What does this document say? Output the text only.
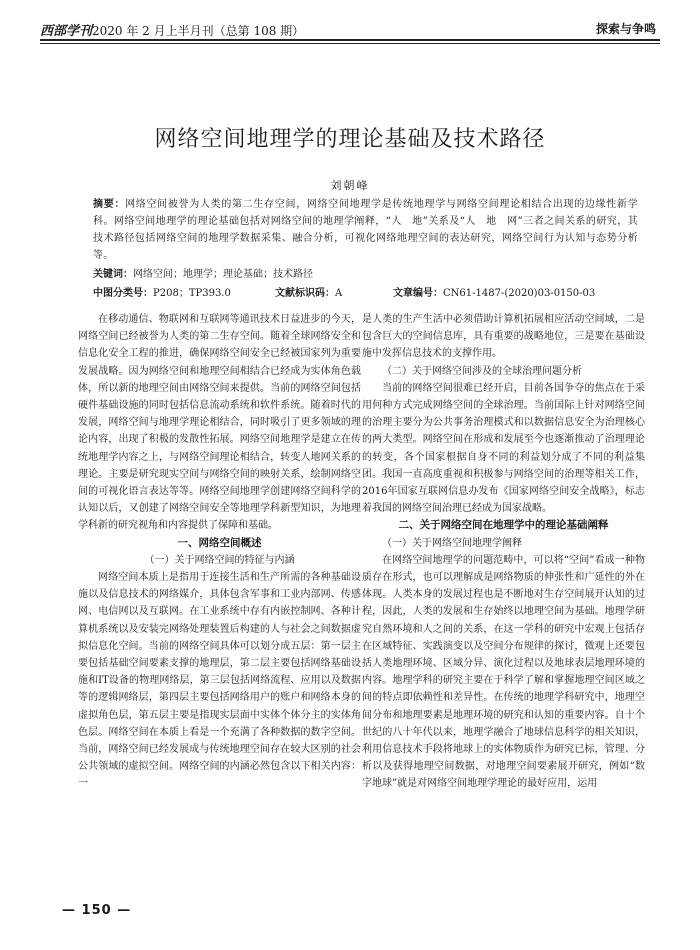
西部学刊2020 年 2 月上半月刊（总第 108 期）	探索与争鸣
网络空间地理学的理论基础及技术路径
刘朝峰
摘要：网络空间被誉为人类的第二生存空间，网络空间地理学是传统地理学与网络空间理论相结合出现的边缘性新学科。网络空间地理学的理论基础包括对网络空间的地理学阐释，“人　地”关系及“人　地　网”三者之间关系的研究，其技术路径包括网络空间的地理学数据采集、融合分析，可视化网络地理空间的表达研究，网络空间行为认知与态势分析等。
关键词：网络空间；地理学；理论基础；技术路径
中图分类号：P208；TP393.0	文献标识码：A	文章编号：CN61-1487-(2020)03-0150-03

在移动通信、物联网和互联网等通讯技术日益进步的今天，网络空间已经被誉为人类的第二生存空间。随着全球网络安全和信息化安全工程的推进，确保网络空间安全已经被国家列为重要发展战略。因为网络空间和地理空间相结合已经成为实体角色载体，所以新的地理空间由网络空间来提供。当前的网络空间包括硬件基础设施的同时包括信息流动系统和软件系统。随着时代的发展，网络空间与地理学理论相结合，同时吸引了更多领域的理论内容，出现了积极的发散性拓展。网络空间地理学是建立在传统地理学内容之上，与网络空间理论相结合，转变人地网关系的理论。主要是研究现实空间与网络空间的映射关系，绘制网络空间的可视化语言表达等等。网络空间地理学创建网络空间科学的认知以后，又创建了网络空间安全等地理学科新型知识，为地理学科新的研究视角和内容提供了保障和基础。

一、网络空间概述
（一）关于网络空间的特征与内涵

网络空间本质上是指用于连接生活和生产所需的各种基础设施以及信息技术的网络媒介，具体包含军事和工业内部网、传感网、电信网以及互联网。在工业系统中存有内嵌控制网、各种计算机系统以及安装完网络处理装置后构建的人与社会之间数据虚拟信息化空间。当前的网络空间具体可以划分成五层：第一层主要包括基础空间要素支撑的地理层，第二层主要包括网络基础设施和IT设备的物理网络层，第三层包括网络流程、应用以及数据等的逻辑网络层，第四层主要包括网络用户的账户和网络本身的虚拟角色层，第五层主要是指现实层面中实体个体分主的实体角色层。网络空间在本质上看是一个充满了各种数据的数字空间。当前，网络空间已经发展成与传统地理空间存在较大区别的社会公共领域的虚拟空间。网络空间的内涵必然包含以下相关内容：一

是人类的生产生活中必须借助计算机拓展相应活动空间域，二是包含巨大的空间信息库，具有重要的战略地位，三是要在基础设施中发挥信息技术的支撑作用。

（二）关于网络空间涉及的全球治理问题分析

当前的网络空间很难已经开启，目前各国争夺的焦点在于采用何种方式完成网络空间的全球治理。当前国际上针对网络空间的治理主要分为公共事务治理模式和以数据信息安全为治理核心的两大类型。网络空间在形成和发展至今也逐渐推动了治理理论的转变，各个国家根据自身不同的利益划分成了不同的利益集团。我国一直高度重视和积极参与网络空间的治理等相关工作，2016年国家互联网信息办发布《国家网络空间安全战略》，标志着我国的网络空间治理已经成为国家战略。

二、关于网络空间在地理学中的理论基础阐释
（一）关于网络空间地理学阐释

在网络空间地理学的问题范畴中，可以将“空间”看成一种物质存在形式，也可以理解成是网络物质的伸张性和广延性的外在体现。人类本身的发展过程也是不断地对生存空间展开认知的过程，因此，人类的发展和生存始终以地理空间为基础。地理学研究自然环境和人之间的关系，在这一学科的研究中宏观上包括存在区域特征、实践演变以及空间分布规律的探讨，微观上还要包括人类地理环境、区域分异、演化过程以及地球表层地理环境的内容。地理学科的研究主要在于科学了解和掌握地理空间区域之间的特点即依赖性和差异性。在传统的地理学科研究中，地理空间分布和地理要素是地理环境的研究和认知的重要内容。自十个世纪的八十年代以来，地理学融合了地球信息科学的相关知识，利用信息技术手段将地球上的实体物质作为研究已标，管理、分析以及获得地理空间数据，对地理空间要素展开研究，例如“数字地球”就是对网络空间地理学理论的最好应用，运用

— 150 —
